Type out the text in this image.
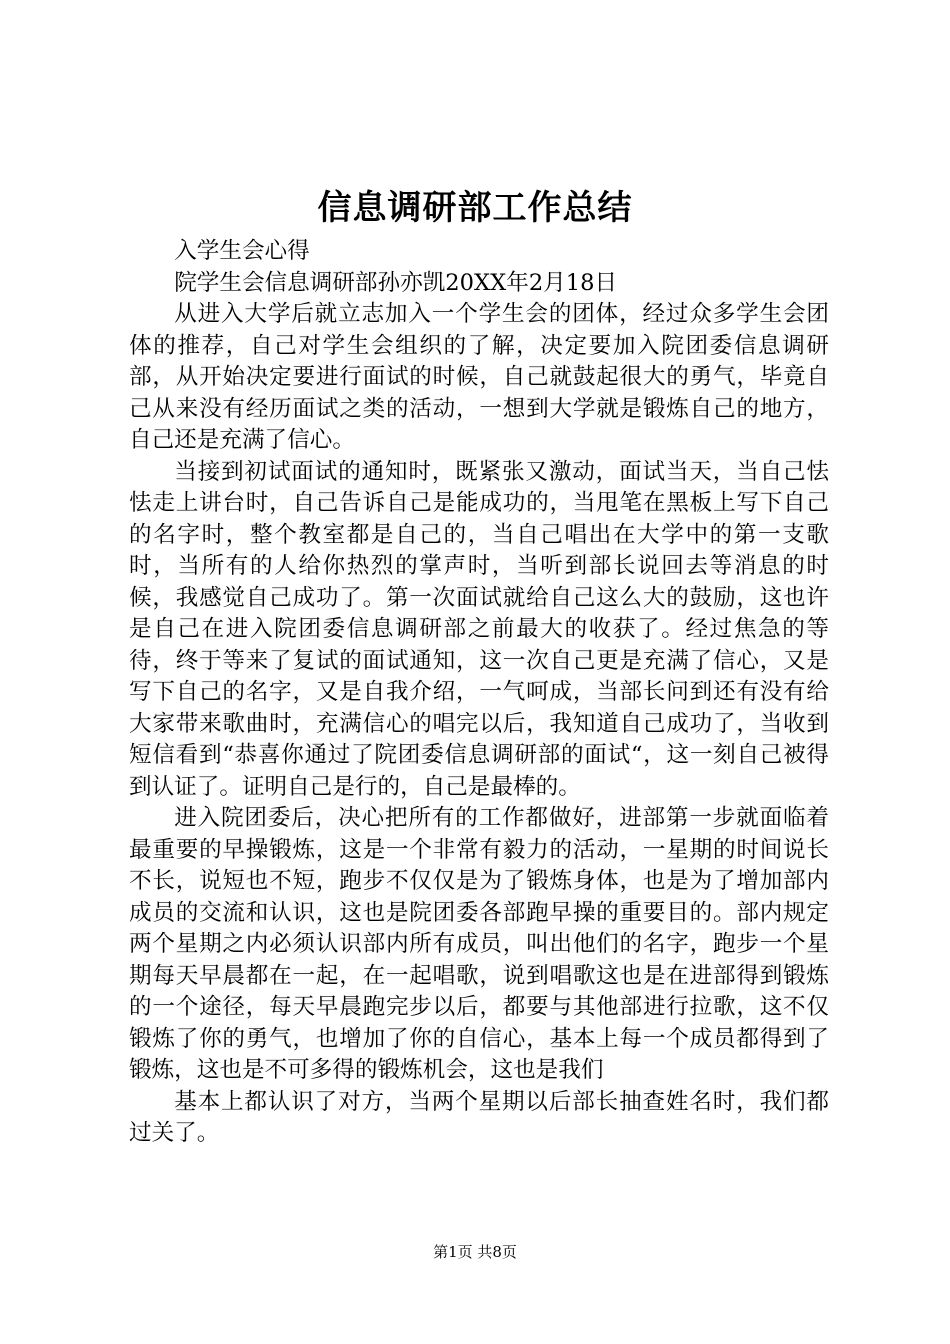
信息调研部工作总结

入学生会心得

院学生会信息调研部孙亦凯20XX年2月18日

从进入大学后就立志加入一个学生会的团体，经过众多学生会团体的推荐，自己对学生会组织的了解，决定要加入院团委信息调研部，从开始决定要进行面试的时候，自己就鼓起很大的勇气，毕竟自己从来没有经历面试之类的活动，一想到大学就是锻炼自己的地方，自己还是充满了信心。

当接到初试面试的通知时，既紧张又激动，面试当天，当自己怯怯走上讲台时，自己告诉自己是能成功的，当甩笔在黑板上写下自己的名字时，整个教室都是自己的，当自己唱出在大学中的第一支歌时，当所有的人给你热烈的掌声时，当听到部长说回去等消息的时候，我感觉自己成功了。第一次面试就给自己这么大的鼓励，这也许是自己在进入院团委信息调研部之前最大的收获了。经过焦急的等待，终于等来了复试的面试通知，这一次自己更是充满了信心，又是写下自己的名字，又是自我介绍，一气呵成，当部长问到还有没有给大家带来歌曲时，充满信心的唱完以后，我知道自己成功了，当收到短信看到“恭喜你通过了院团委信息调研部的面试“，这一刻自己被得到认证了。证明自己是行的，自己是最棒的。

进入院团委后，决心把所有的工作都做好，进部第一步就面临着最重要的早操锻炼，这是一个非常有毅力的活动，一星期的时间说长不长，说短也不短，跑步不仅仅是为了锻炼身体，也是为了增加部内成员的交流和认识，这也是院团委各部跑早操的重要目的。部内规定两个星期之内必须认识部内所有成员，叫出他们的名字，跑步一个星期每天早晨都在一起，在一起唱歌，说到唱歌这也是在进部得到锻炼的一个途径，每天早晨跑完步以后，都要与其他部进行拉歌，这不仅锻炼了你的勇气，也增加了你的自信心，基本上每一个成员都得到了锻炼，这也是不可多得的锻炼机会，这也是我们

基本上都认识了对方，当两个星期以后部长抽查姓名时，我们都过关了。

第1页 共8页
